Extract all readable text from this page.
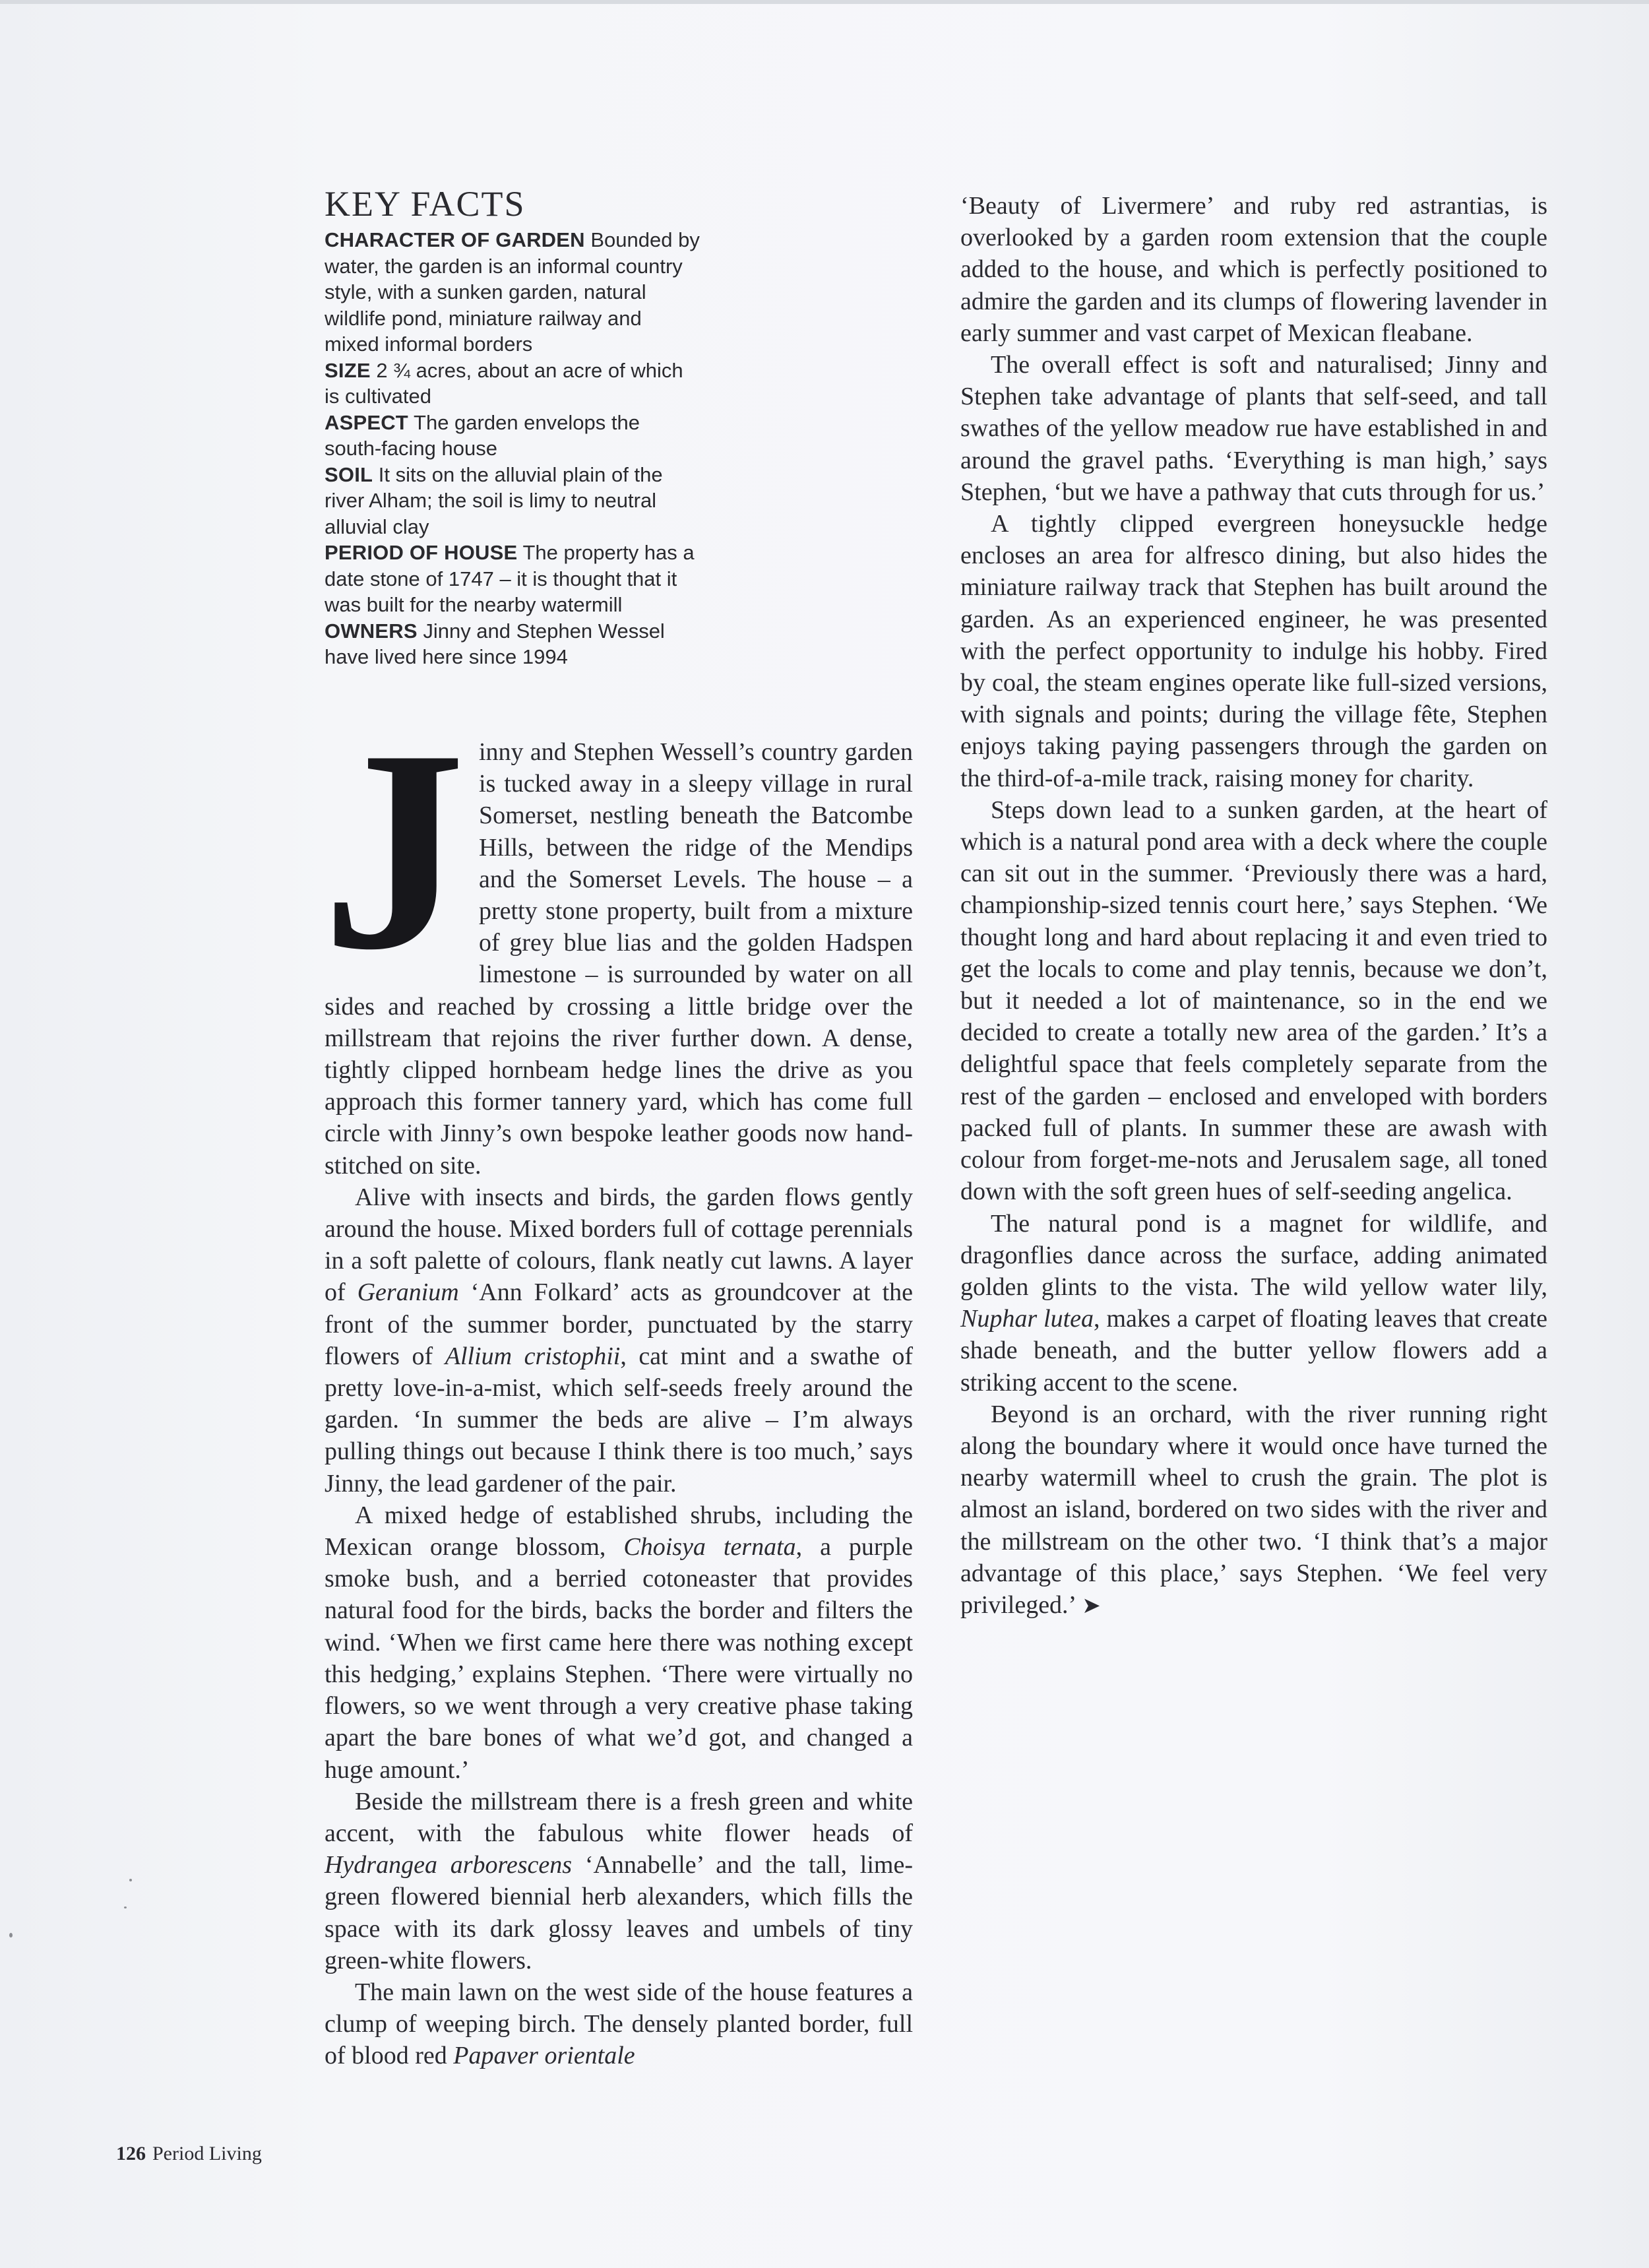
KEY FACTS

CHARACTER OF GARDEN Bounded by water, the garden is an informal country style, with a sunken garden, natural wildlife pond, miniature railway and mixed informal borders

SIZE 2 ¾ acres, about an acre of which is cultivated

ASPECT The garden envelops the south-facing house

SOIL It sits on the alluvial plain of the river Alham; the soil is limy to neutral alluvial clay

PERIOD OF HOUSE The property has a date stone of 1747 – it is thought that it was built for the nearby watermill

OWNERS Jinny and Stephen Wessel have lived here since 1994

Jinny and Stephen Wessell’s country garden is tucked away in a sleepy village in rural Somerset, nestling beneath the Batcombe Hills, between the ridge of the Mendips and the Somerset Levels. The house – a pretty stone property, built from a mixture of grey blue lias and the golden Hadspen limestone – is surrounded by water on all sides and reached by crossing a little bridge over the millstream that rejoins the river further down. A dense, tightly clipped hornbeam hedge lines the drive as you approach this former tannery yard, which has come full circle with Jinny’s own bespoke leather goods now hand-stitched on site.

Alive with insects and birds, the garden flows gently around the house. Mixed borders full of cottage perennials in a soft palette of colours, flank neatly cut lawns. A layer of Geranium ‘Ann Folkard’ acts as groundcover at the front of the summer border, punctuated by the starry flowers of Allium cristophii, cat mint and a swathe of pretty love-in-a-mist, which self-seeds freely around the garden. ‘In summer the beds are alive – I’m always pulling things out because I think there is too much,’ says Jinny, the lead gardener of the pair.

A mixed hedge of established shrubs, including the Mexican orange blossom, Choisya ternata, a purple smoke bush, and a berried cotoneaster that provides natural food for the birds, backs the border and filters the wind. ‘When we first came here there was nothing except this hedging,’ explains Stephen. ‘There were virtually no flowers, so we went through a very creative phase taking apart the bare bones of what we’d got, and changed a huge amount.’

Beside the millstream there is a fresh green and white accent, with the fabulous white flower heads of Hydrangea arborescens ‘Annabelle’ and the tall, lime-green flowered biennial herb alexanders, which fills the space with its dark glossy leaves and umbels of tiny green-white flowers.

The main lawn on the west side of the house features a clump of weeping birch. The densely planted border, full of blood red Papaver orientale

‘Beauty of Livermere’ and ruby red astrantias, is overlooked by a garden room extension that the couple added to the house, and which is perfectly positioned to admire the garden and its clumps of flowering lavender in early summer and vast carpet of Mexican fleabane.

The overall effect is soft and naturalised; Jinny and Stephen take advantage of plants that self-seed, and tall swathes of the yellow meadow rue have established in and around the gravel paths. ‘Everything is man high,’ says Stephen, ‘but we have a pathway that cuts through for us.’

A tightly clipped evergreen honeysuckle hedge encloses an area for alfresco dining, but also hides the miniature railway track that Stephen has built around the garden. As an experienced engineer, he was presented with the perfect opportunity to indulge his hobby. Fired by coal, the steam engines operate like full-sized versions, with signals and points; during the village fête, Stephen enjoys taking paying passengers through the garden on the third-of-a-mile track, raising money for charity.

Steps down lead to a sunken garden, at the heart of which is a natural pond area with a deck where the couple can sit out in the summer. ‘Previously there was a hard, championship-sized tennis court here,’ says Stephen. ‘We thought long and hard about replacing it and even tried to get the locals to come and play tennis, because we don’t, but it needed a lot of maintenance, so in the end we decided to create a totally new area of the garden.’ It’s a delightful space that feels completely separate from the rest of the garden – enclosed and enveloped with borders packed full of plants. In summer these are awash with colour from forget-me-nots and Jerusalem sage, all toned down with the soft green hues of self-seeding angelica.

The natural pond is a magnet for wildlife, and dragonflies dance across the surface, adding animated golden glints to the vista. The wild yellow water lily, Nuphar lutea, makes a carpet of floating leaves that create shade beneath, and the butter yellow flowers add a striking accent to the scene.

Beyond is an orchard, with the river running right along the boundary where it would once have turned the nearby watermill wheel to crush the grain. The plot is almost an island, bordered on two sides with the river and the millstream on the other two. ‘I think that’s a major advantage of this place,’ says Stephen. ‘We feel very privileged.’ ➤

126 Period Living
